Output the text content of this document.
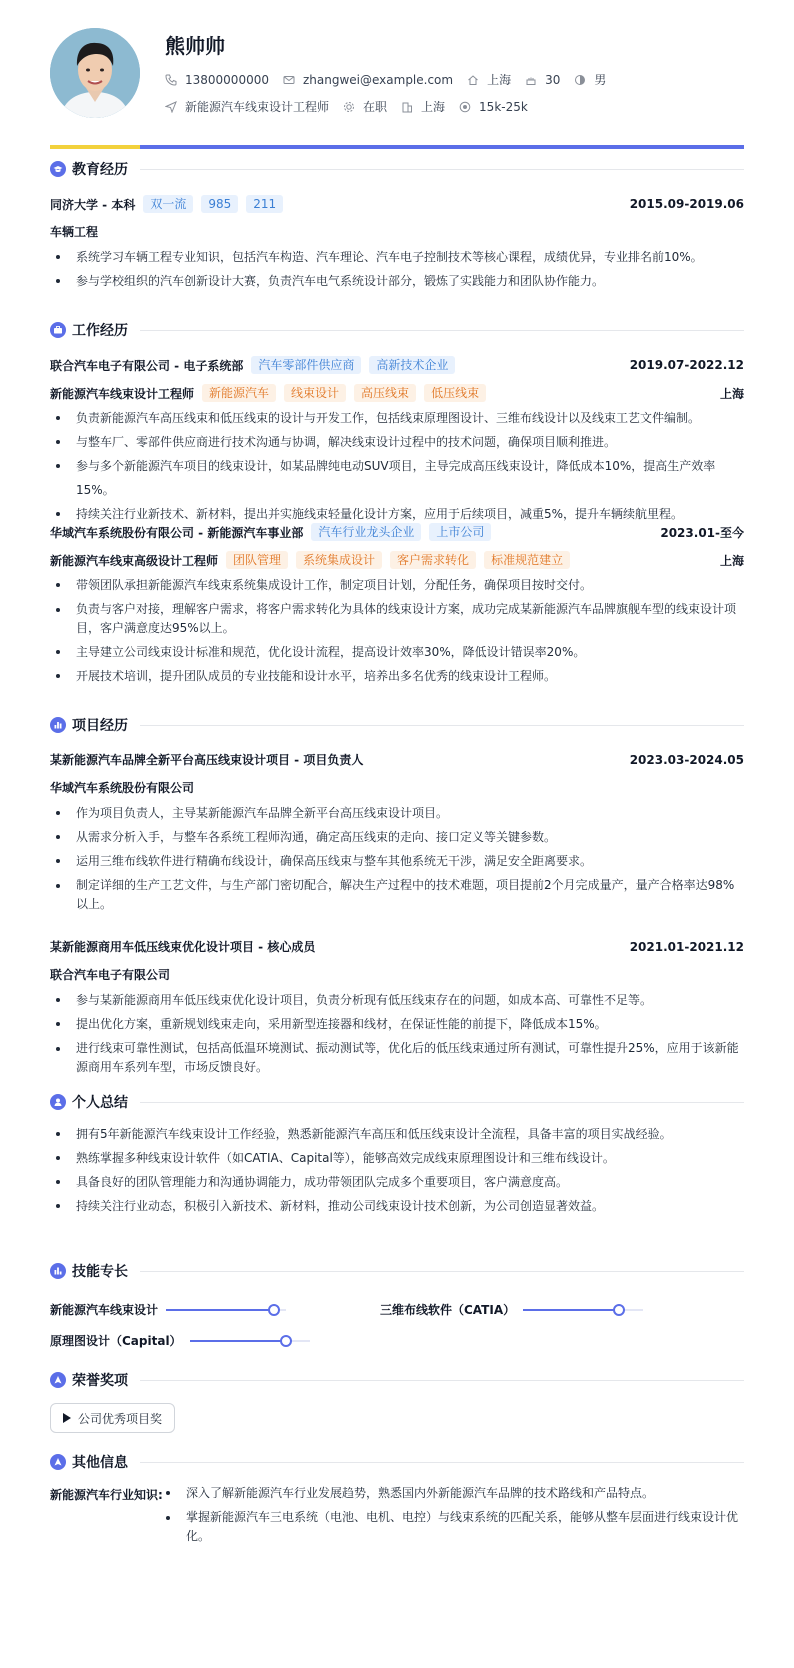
熊帅帅
13800000000	zhangwei@example.com	上海	30	男
新能源汽车线束设计工程师	在职	上海	15k-25k
教育经历
同济大学 - 本科	双一流	985	211	2015.09-2019.06
车辆工程
系统学习车辆工程专业知识，包括汽车构造、汽车理论、汽车电子控制技术等核心课程，成绩优异，专业排名前10%。
参与学校组织的汽车创新设计大赛，负责汽车电气系统设计部分，锻炼了实践能力和团队协作能力。
工作经历
联合汽车电子有限公司 - 电子系统部	汽车零部件供应商	高新技术企业	2019.07-2022.12
新能源汽车线束设计工程师	新能源汽车	线束设计	高压线束	低压线束	上海
负责新能源汽车高压线束和低压线束的设计与开发工作，包括线束原理图设计、三维布线设计以及线束工艺文件编制。
与整车厂、零部件供应商进行技术沟通与协调，解决线束设计过程中的技术问题，确保项目顺利推进。
参与多个新能源汽车项目的线束设计，如某品牌纯电动SUV项目，主导完成高压线束设计，降低成本10%，提高生产效率15%。
持续关注行业新技术、新材料，提出并实施线束轻量化设计方案，应用于后续项目，减重5%，提升车辆续航里程。
华域汽车系统股份有限公司 - 新能源汽车事业部	汽车行业龙头企业	上市公司	2023.01-至今
新能源汽车线束高级设计工程师	团队管理	系统集成设计	客户需求转化	标准规范建立	上海
带领团队承担新能源汽车线束系统集成设计工作，制定项目计划，分配任务，确保项目按时交付。
负责与客户对接，理解客户需求，将客户需求转化为具体的线束设计方案，成功完成某新能源汽车品牌旗舰车型的线束设计项目，客户满意度达95%以上。
主导建立公司线束设计标准和规范，优化设计流程，提高设计效率30%，降低设计错误率20%。
开展技术培训，提升团队成员的专业技能和设计水平，培养出多名优秀的线束设计工程师。
项目经历
某新能源汽车品牌全新平台高压线束设计项目 - 项目负责人	2023.03-2024.05
华域汽车系统股份有限公司
作为项目负责人，主导某新能源汽车品牌全新平台高压线束设计项目。
从需求分析入手，与整车各系统工程师沟通，确定高压线束的走向、接口定义等关键参数。
运用三维布线软件进行精确布线设计，确保高压线束与整车其他系统无干涉，满足安全距离要求。
制定详细的生产工艺文件，与生产部门密切配合，解决生产过程中的技术难题，项目提前2个月完成量产，量产合格率达98%以上。
某新能源商用车低压线束优化设计项目 - 核心成员	2021.01-2021.12
联合汽车电子有限公司
参与某新能源商用车低压线束优化设计项目，负责分析现有低压线束存在的问题，如成本高、可靠性不足等。
提出优化方案，重新规划线束走向，采用新型连接器和线材，在保证性能的前提下，降低成本15%。
进行线束可靠性测试，包括高低温环境测试、振动测试等，优化后的低压线束通过所有测试，可靠性提升25%，应用于该新能源商用车系列车型，市场反馈良好。
个人总结
拥有5年新能源汽车线束设计工作经验，熟悉新能源汽车高压和低压线束设计全流程，具备丰富的项目实战经验。
熟练掌握多种线束设计软件（如CATIA、Capital等），能够高效完成线束原理图设计和三维布线设计。
具备良好的团队管理能力和沟通协调能力，成功带领团队完成多个重要项目，客户满意度高。
持续关注行业动态，积极引入新技术、新材料，推动公司线束设计技术创新，为公司创造显著效益。
技能专长
新能源汽车线束设计	三维布线软件（CATIA）
原理图设计（Capital）
荣誉奖项
公司优秀项目奖
其他信息
新能源汽车行业知识:	深入了解新能源汽车行业发展趋势，熟悉国内外新能源汽车品牌的技术路线和产品特点。
掌握新能源汽车三电系统（电池、电机、电控）与线束系统的匹配关系，能够从整车层面进行线束设计优化。
